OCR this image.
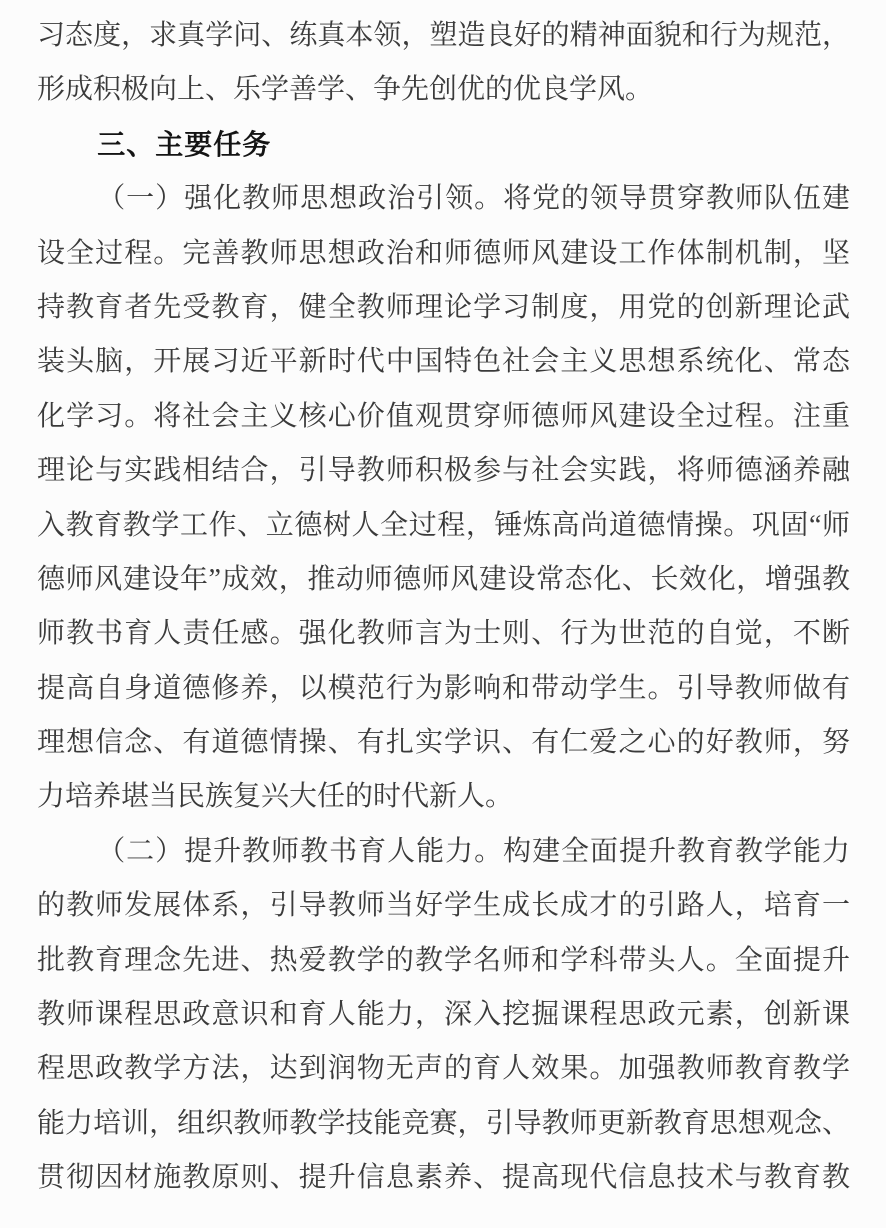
习态度，求真学问、练真本领，塑造良好的精神面貌和行为规范，
形成积极向上、乐学善学、争先创优的优良学风。
三、主要任务
（一）强化教师思想政治引领。将党的领导贯穿教师队伍建
设全过程。完善教师思想政治和师德师风建设工作体制机制，坚
持教育者先受教育，健全教师理论学习制度，用党的创新理论武
装头脑，开展习近平新时代中国特色社会主义思想系统化、常态
化学习。将社会主义核心价值观贯穿师德师风建设全过程。注重
理论与实践相结合，引导教师积极参与社会实践，将师德涵养融
入教育教学工作、立德树人全过程，锤炼高尚道德情操。巩固“师
德师风建设年”成效，推动师德师风建设常态化、长效化，增强教
师教书育人责任感。强化教师言为士则、行为世范的自觉，不断
提高自身道德修养，以模范行为影响和带动学生。引导教师做有
理想信念、有道德情操、有扎实学识、有仁爱之心的好教师，努
力培养堪当民族复兴大任的时代新人。
（二）提升教师教书育人能力。构建全面提升教育教学能力
的教师发展体系，引导教师当好学生成长成才的引路人，培育一
批教育理念先进、热爱教学的教学名师和学科带头人。全面提升
教师课程思政意识和育人能力，深入挖掘课程思政元素，创新课
程思政教学方法，达到润物无声的育人效果。加强教师教育教学
能力培训，组织教师教学技能竞赛，引导教师更新教育思想观念、
贯彻因材施教原则、提升信息素养、提高现代信息技术与教育教
